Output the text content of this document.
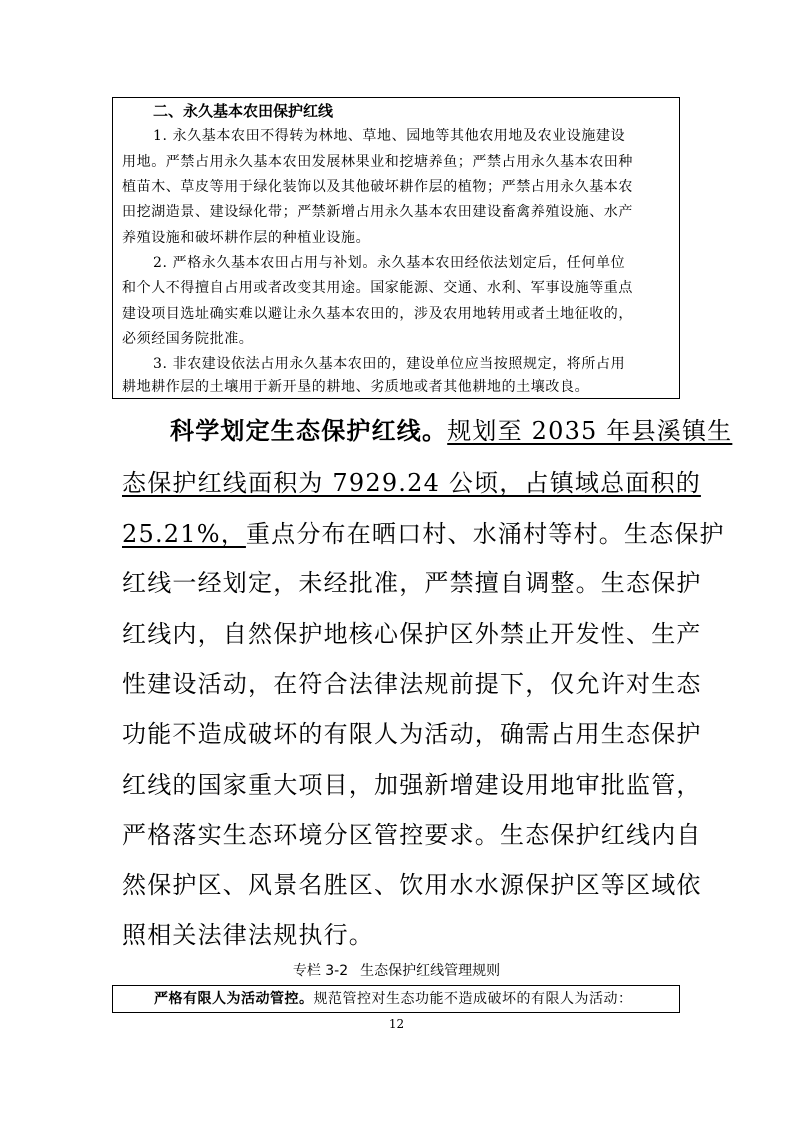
二、永久基本农田保护红线
1. 永久基本农田不得转为林地、草地、园地等其他农用地及农业设施建设
用地。严禁占用永久基本农田发展林果业和挖塘养鱼；严禁占用永久基本农田种
植苗木、草皮等用于绿化装饰以及其他破坏耕作层的植物；严禁占用永久基本农
田挖湖造景、建设绿化带；严禁新增占用永久基本农田建设畜禽养殖设施、水产
养殖设施和破坏耕作层的种植业设施。
2. 严格永久基本农田占用与补划。永久基本农田经依法划定后，任何单位
和个人不得擅自占用或者改变其用途。国家能源、交通、水利、军事设施等重点
建设项目选址确实难以避让永久基本农田的，涉及农用地转用或者土地征收的，
必须经国务院批准。
3. 非农建设依法占用永久基本农田的，建设单位应当按照规定，将所占用
耕地耕作层的土壤用于新开垦的耕地、劣质地或者其他耕地的土壤改良。
科学划定生态保护红线。规划至 2035 年县溪镇生
态保护红线面积为 7929.24 公顷，占镇域总面积的
25.21%，重点分布在晒口村、水涌村等村。生态保护
红线一经划定，未经批准，严禁擅自调整。生态保护
红线内，自然保护地核心保护区外禁止开发性、生产
性建设活动，在符合法律法规前提下，仅允许对生态
功能不造成破坏的有限人为活动，确需占用生态保护
红线的国家重大项目，加强新增建设用地审批监管，
严格落实生态环境分区管控要求。生态保护红线内自
然保护区、风景名胜区、饮用水水源保护区等区域依
照相关法律法规执行。
专栏 3-2 生态保护红线管理规则
严格有限人为活动管控。规范管控对生态功能不造成破坏的有限人为活动：
12
